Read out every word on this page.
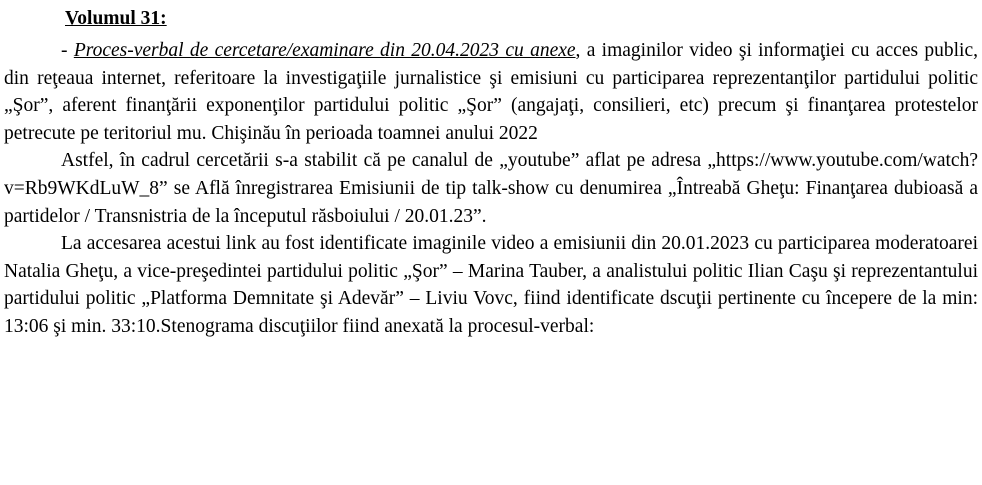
Volumul 31:

- Proces-verbal de cercetare/examinare din 20.04.2023 cu anexe, a imaginilor video şi informaţiei cu acces public, din reţeaua internet, referitoare la investigaţiile jurnalistice şi emisiuni cu participarea reprezentanţilor partidului politic „Şor”, aferent finanţării exponenţilor partidului politic „Şor” (angajaţi, consilieri, etc) precum şi finanţarea protestelor petrecute pe teritoriul mu. Chişinău în perioada toamnei anului 2022

Astfel, în cadrul cercetării s-a stabilit că pe canalul de „youtube” aflat pe adresa „https://www.youtube.com/watch?v=Rb9WKdLuW_8” se Află înregistrarea Emisiunii de tip talk-show cu denumirea „Întreabă Gheţu: Finanţarea dubioasă a partidelor / Transnistria de la începutul răsboiului / 20.01.23”.

La accesarea acestui link au fost identificate imaginile video a emisiunii din 20.01.2023 cu participarea moderatoarei Natalia Gheţu, a vice-preşedintei partidului politic „Şor” – Marina Tauber, a analistului politic Ilian Caşu şi reprezentantului partidului politic „Platforma Demnitate şi Adevăr” – Liviu Vovc, fiind identificate dscuţii pertinente cu începere de la min: 13:06 şi min. 33:10.Stenograma discuţiilor fiind anexată la procesul-verbal:
